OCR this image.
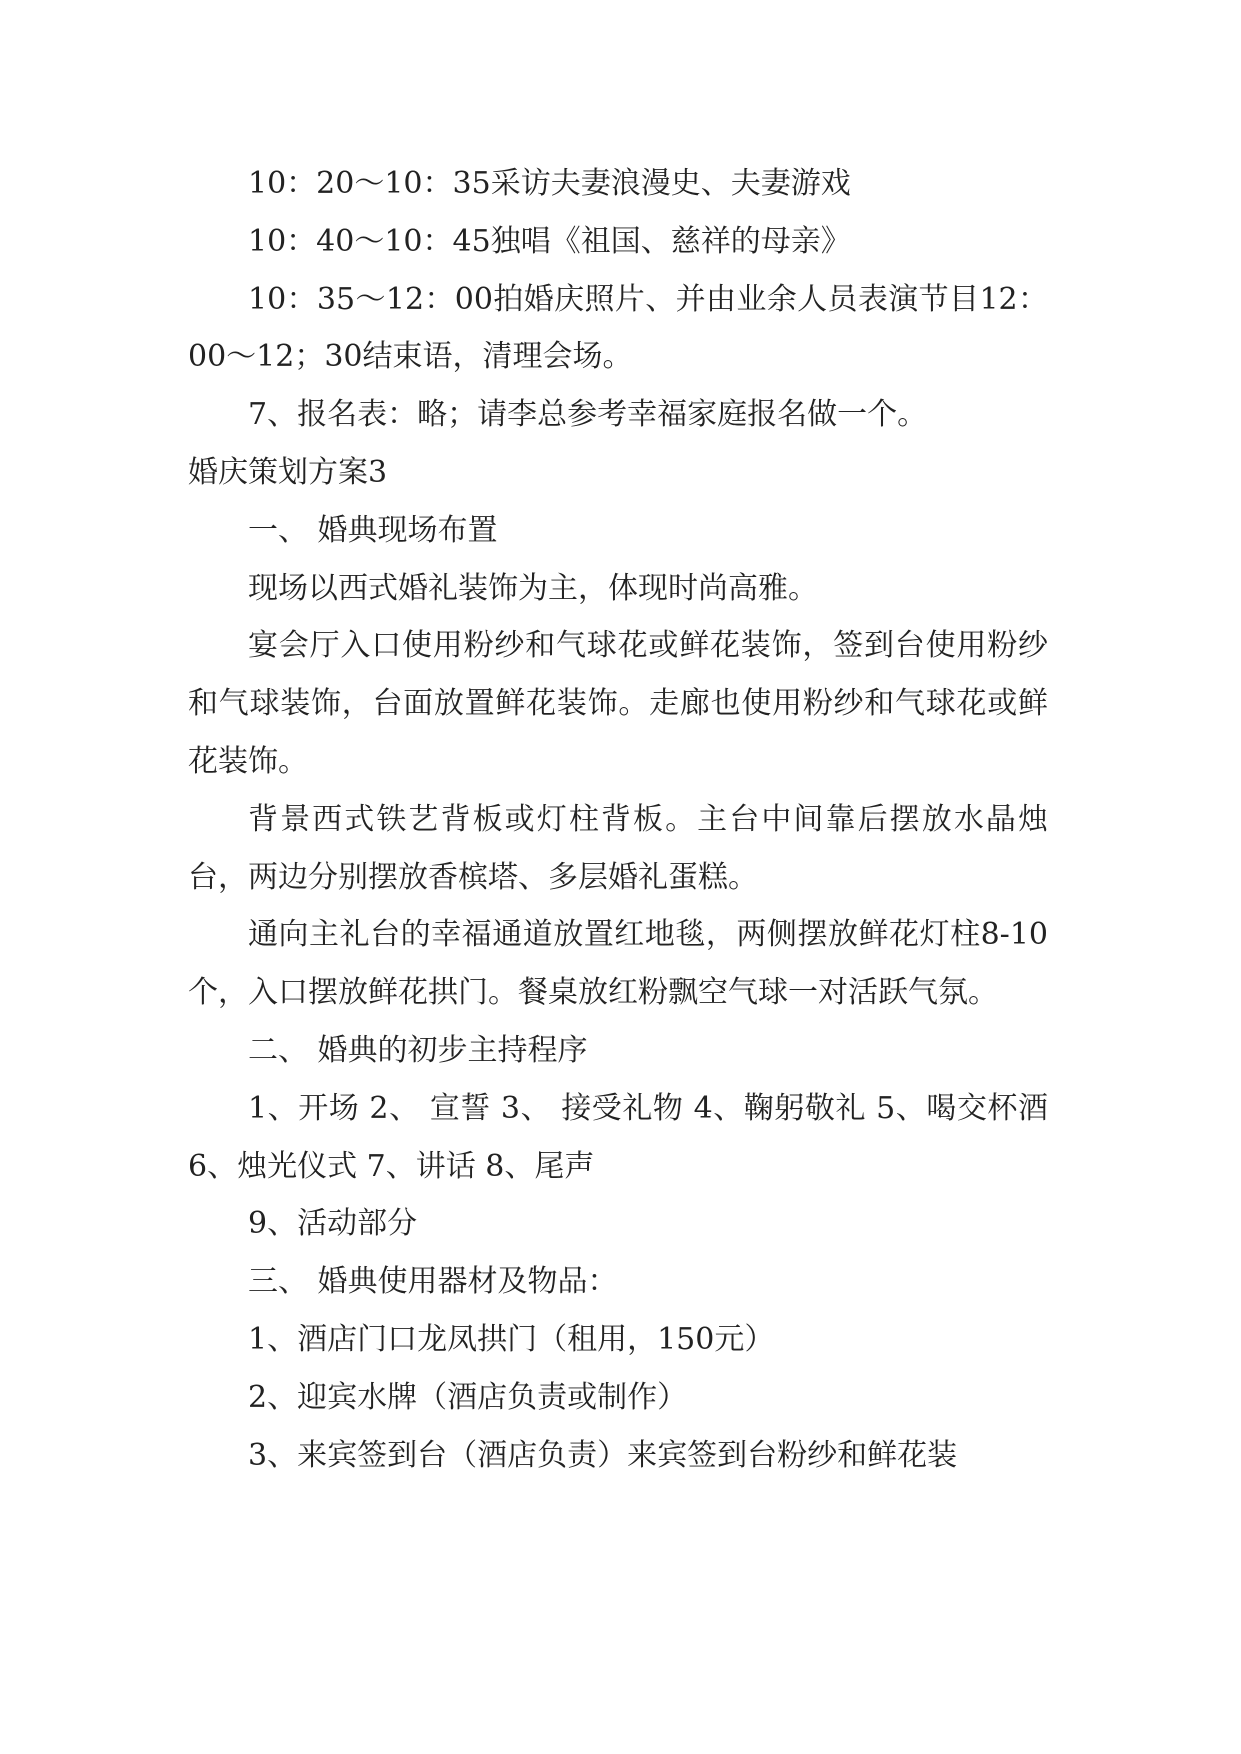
10：20～10：35采访夫妻浪漫史、夫妻游戏

10：40～10：45独唱《祖国、慈祥的母亲》

10：35～12：00拍婚庆照片、并由业余人员表演节目12：00～12；30结束语，清理会场。

7、报名表：略；请李总参考幸福家庭报名做一个。

婚庆策划方案3

一、 婚典现场布置

现场以西式婚礼装饰为主，体现时尚高雅。

宴会厅入口使用粉纱和气球花或鲜花装饰，签到台使用粉纱和气球装饰，台面放置鲜花装饰。走廊也使用粉纱和气球花或鲜花装饰。

背景西式铁艺背板或灯柱背板。主台中间靠后摆放水晶烛台，两边分别摆放香槟塔、多层婚礼蛋糕。

通向主礼台的幸福通道放置红地毯，两侧摆放鲜花灯柱8-10个，入口摆放鲜花拱门。餐桌放红粉飘空气球一对活跃气氛。

二、 婚典的初步主持程序

1、开场 2、 宣誓 3、 接受礼物 4、鞠躬敬礼 5、喝交杯酒 6、烛光仪式 7、讲话 8、尾声

9、活动部分

三、 婚典使用器材及物品：

1、酒店门口龙凤拱门（租用，150元）

2、迎宾水牌（酒店负责或制作）

3、来宾签到台（酒店负责）来宾签到台粉纱和鲜花装
